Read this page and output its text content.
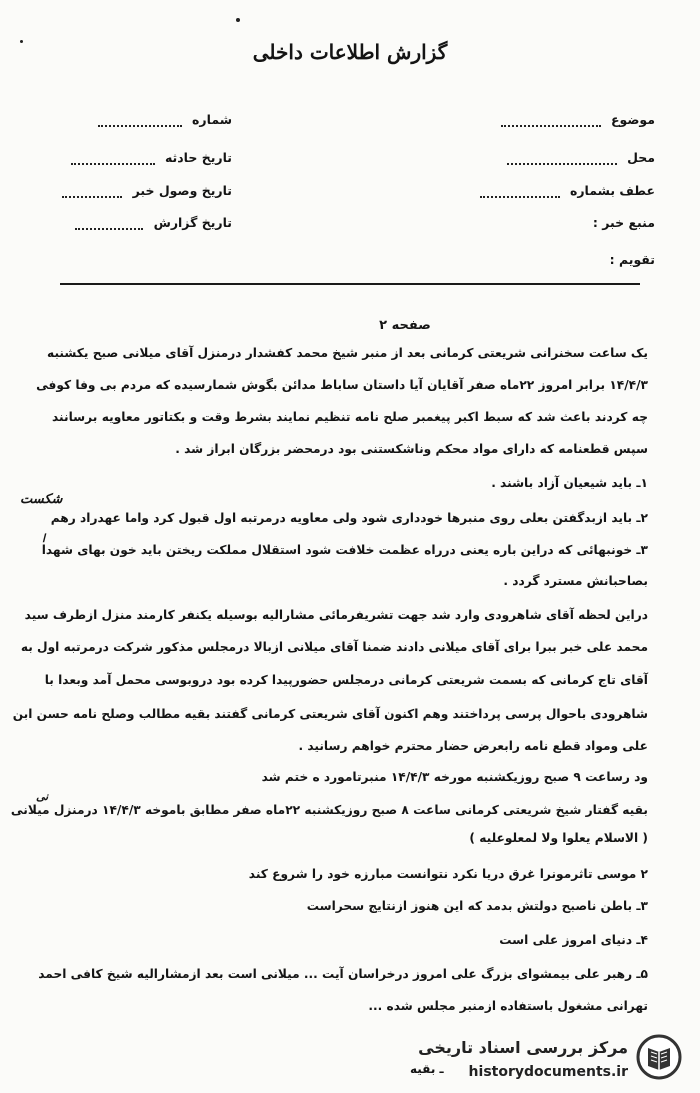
گزارش اطلاعات داخلی
شماره
تاریخ حادثه
تاریخ وصول خبر
تاریخ گزارش
موضوع
محل
عطف بشماره
منبع خبر :
تقویم :
صفحه ۲
یک ساعت سخنرانی شریعتی کرمانی بعد از منبر شیخ محمد کفشدار درمنزل آقای میلانی صبح یکشنبه
۱۴/۴/۳ برابر امروز ۲۲ماه صفر آقایان آیا داستان ساباط مدائن بگوش شمارسیده که مردم بی وفا کوفی
چه کردند باعث شد که سبط اکبر پیغمبر صلح نامه تنظیم نمایند بشرط وقت و بکتاتور معاویه برسانند
سپس قطعنامه که دارای مواد محکم وناشکستنی بود درمحضر بزرگان ابراز شد .
۱ـ باید شیعیان آزاد باشند .
۲ـ باید ازبدگفتن بعلی روی منبرها خودداری شود ولی معاویه درمرتبه اول قبول کرد واما عهدراد رهم
۳ـ خونبهائی که دراین باره یعنی درراه عظمت خلافت شود استقلال مملکت ریختن باید خون بهای شهدا
بصاحبانش مسترد گردد .
دراین لحظه آقای شاهرودی وارد شد جهت تشریفرمائی مشارالیه بوسیله یکنفر کارمند منزل ازطرف سید
محمد علی خبر ببرا برای آقای میلانی دادند ضمنا آقای میلانی ازبالا درمجلس مذکور شرکت درمرتبه اول به
آقای تاج کرمانی که بسمت شریعتی کرمانی درمجلس حضورپیدا کرده بود دروبوسی محمل آمد وبعدا با
شاهرودی باحوال پرسی پرداختند وهم اکنون آقای شریعتی کرمانی گفتند بقیه مطالب وصلح نامه حسن ابن
علی ومواد قطع نامه رابعرض حضار محترم خواهم رسانید .
ود رساعت ۹ صبح روزیکشنبه مورخه ۱۴/۴/۳ منبرتامورد ه ختم شد
بقیه گفتار شیخ شریعتی کرمانی ساعت ۸ صبح روزیکشنبه ۲۲ماه صفر مطابق باموخه ۱۴/۴/۳ درمنزل میلانی
( الاسلام یعلوا ولا لمعلوعلیه )
۲ موسی تاثرمونرا غرق دریا نکرد نتوانست مبارزه خود را شروع کند
۳ـ باطن ناصبح دولتش بدمد که این هنوز ازنتایج سحراست
۴ـ دنیای امروز علی است
۵ـ رهبر علی بیمشوای بزرگ علی امروز درخراسان آیت ... میلانی است بعد ازمشارالیه شیخ کافی احمد
تهرانی مشغول باستفاده ازمنبر مجلس شده ...
شکست
نی
ا
ـ بقیه
مرکز بررسی اسناد تاریخی
historydocuments.ir
